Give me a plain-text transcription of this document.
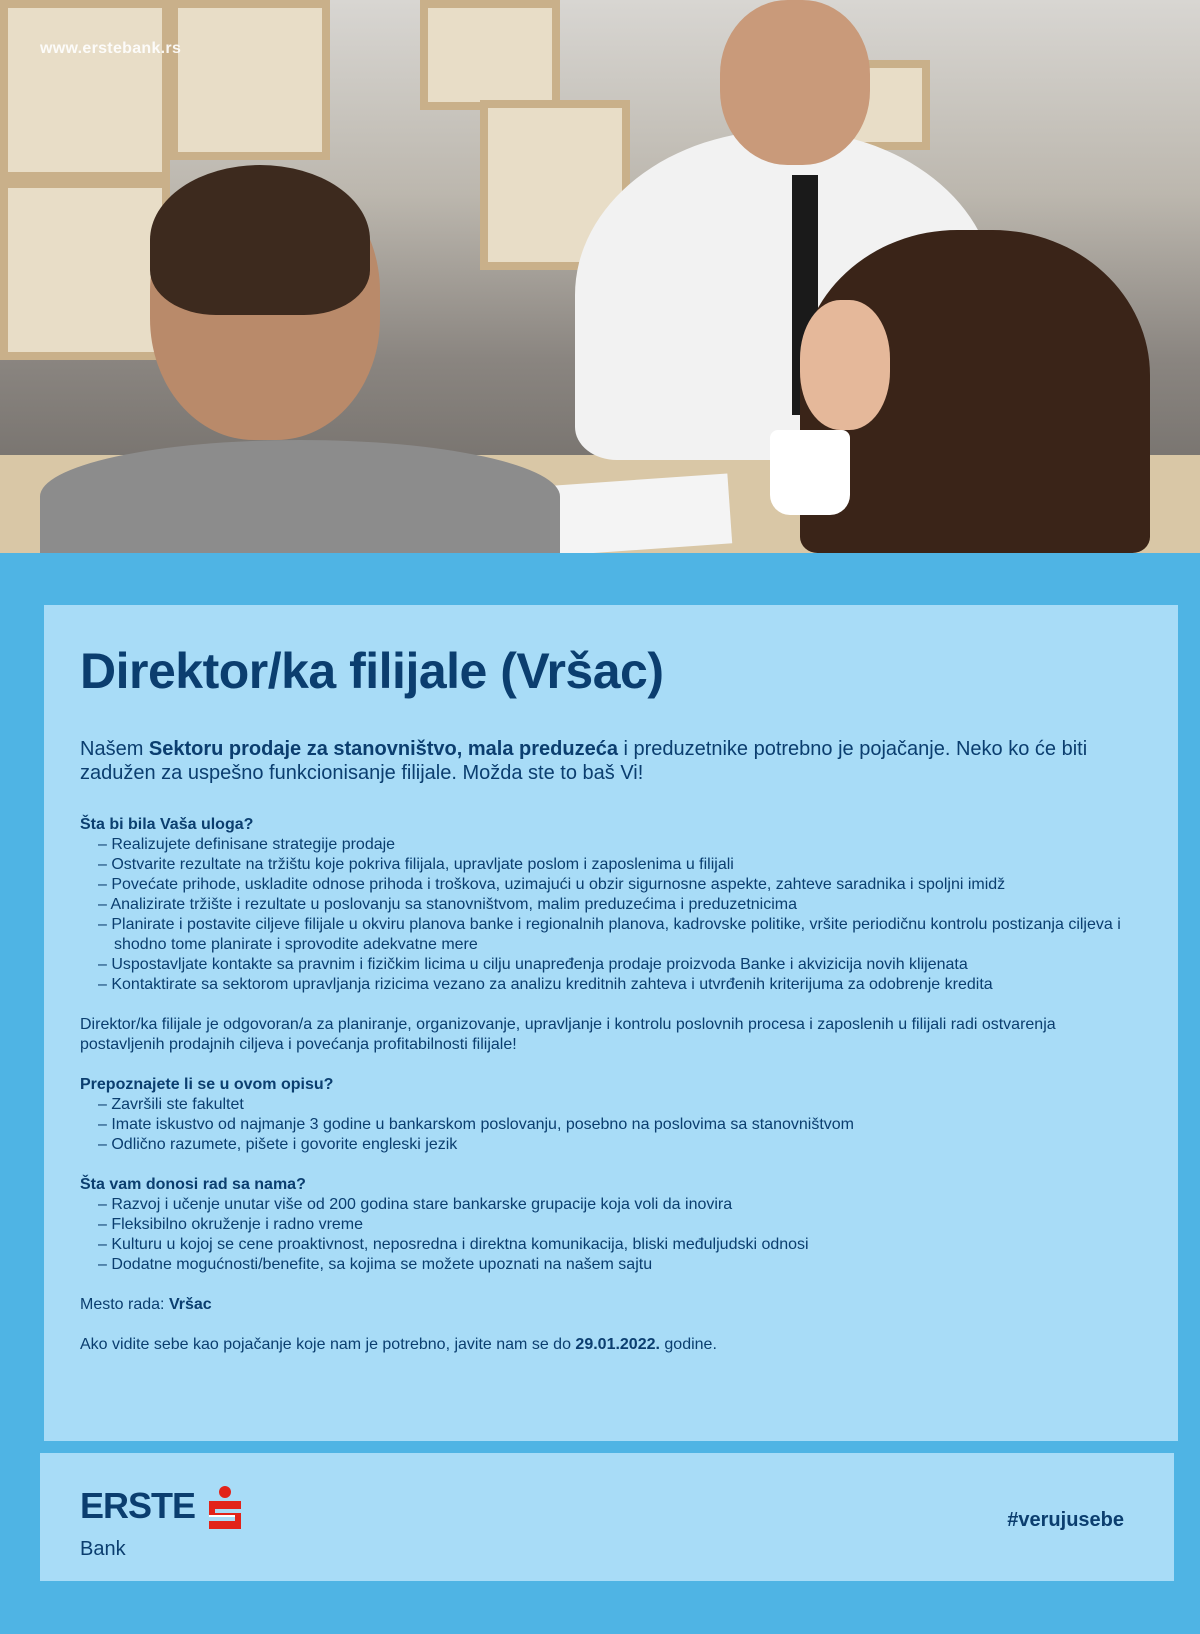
www.erstebank.rs
Direktor/ka filijale (Vršac)

Našem Sektoru prodaje za stanovništvo, mala preduzeća i preduzetnike potrebno je pojačanje. Neko ko će biti zadužen za uspešno funkcionisanje filijale. Možda ste to baš Vi!

Šta bi bila Vaša uloga?

– Realizujete definisane strategije prodaje
– Ostvarite rezultate na tržištu koje pokriva filijala, upravljate poslom i zaposlenima u filijali
– Povećate prihode, uskladite odnose prihoda i troškova, uzimajući u obzir sigurnosne aspekte, zahteve saradnika i spoljni imidž
– Analizirate tržište i rezultate u poslovanju sa stanovništvom, malim preduzećima i preduzetnicima
– Planirate i postavite ciljeve filijale u okviru planova banke i regionalnih planova, kadrovske politike, vršite periodičnu kontrolu postizanja ciljeva i shodno tome planirate i sprovodite adekvatne mere
– Uspostavljate kontakte sa pravnim i fizičkim licima u cilju unapređenja prodaje proizvoda Banke i akvizicija novih klijenata
– Kontaktirate sa sektorom upravljanja rizicima vezano za analizu kreditnih zahteva i utvrđenih kriterijuma za odobrenje kredita

Direktor/ka filijale je odgovoran/a za planiranje, organizovanje, upravljanje i kontrolu poslovnih procesa i zaposlenih u filijali radi ostvarenja postavljenih prodajnih ciljeva i povećanja profitabilnosti filijale!

Prepoznajete li se u ovom opisu?

– Završili ste fakultet
– Imate iskustvo od najmanje 3 godine u bankarskom poslovanju, posebno na poslovima sa stanovništvom
– Odlično razumete, pišete i govorite engleski jezik

Šta vam donosi rad sa nama?

– Razvoj i učenje unutar više od 200 godina stare bankarske grupacije koja voli da inovira
– Fleksibilno okruženje i radno vreme
– Kulturu u kojoj se cene proaktivnost, neposredna i direktna komunikacija, bliski međuljudski odnosi
– Dodatne mogućnosti/benefite, sa kojima se možete upoznati na našem sajtu

Mesto rada: Vršac

Ako vidite sebe kao pojačanje koje nam je potrebno, javite nam se do 29.01.2022. godine.

ERSTE
Bank
#verujusebe
